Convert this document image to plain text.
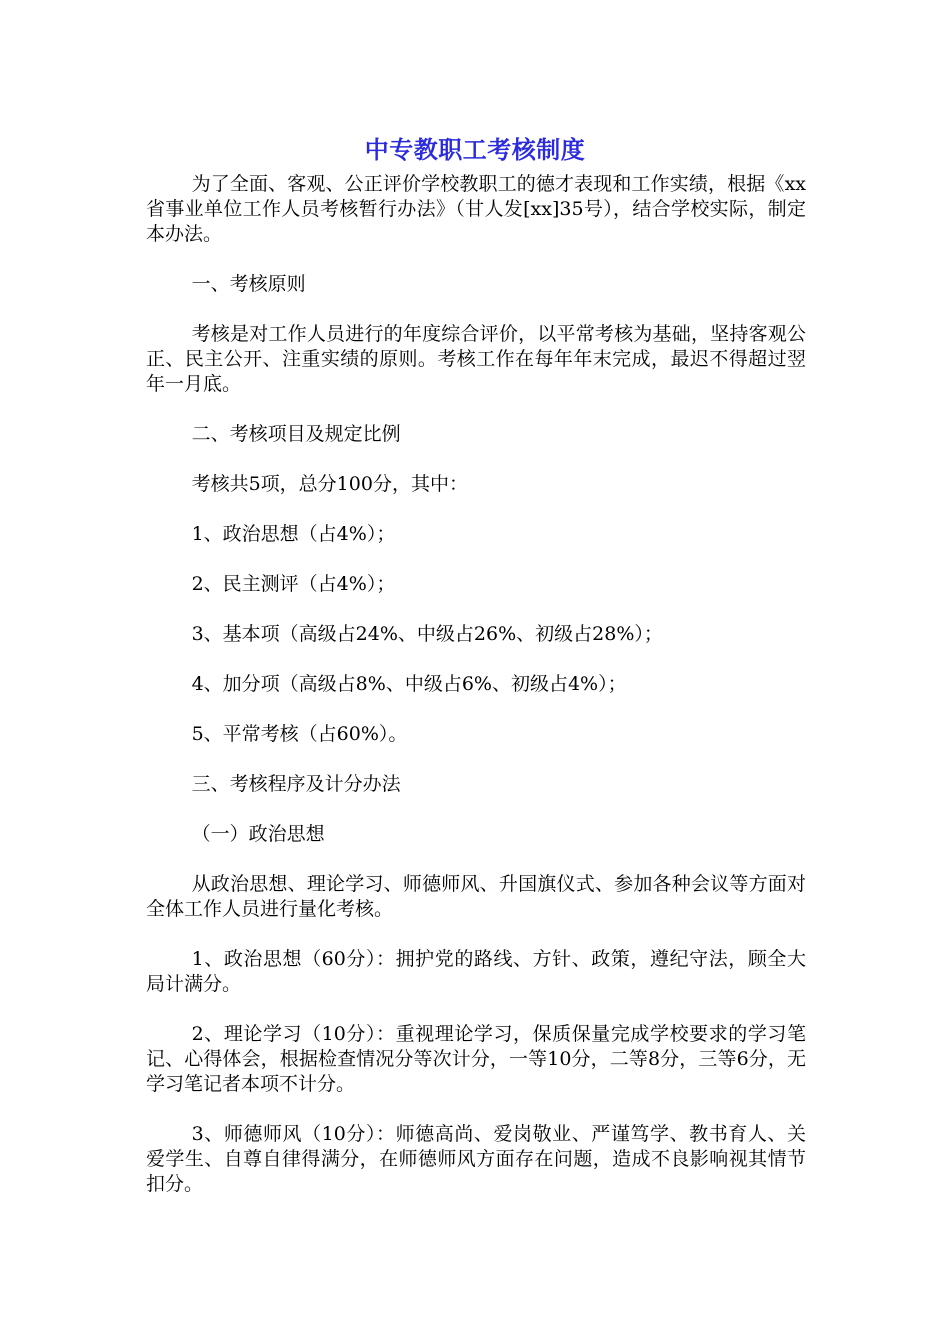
中专教职工考核制度

为了全面、客观、公正评价学校教职工的德才表现和工作实绩，根据《xx省事业单位工作人员考核暂行办法》（甘人发[xx]35号），结合学校实际，制定本办法。

一、考核原则

考核是对工作人员进行的年度综合评价，以平常考核为基础，坚持客观公正、民主公开、注重实绩的原则。考核工作在每年年末完成，最迟不得超过翌年一月底。

二、考核项目及规定比例

考核共5项，总分100分，其中：

1、政治思想（占4%）；

2、民主测评（占4%）；

3、基本项（高级占24%、中级占26%、初级占28%）；

4、加分项（高级占8%、中级占6%、初级占4%）；

5、平常考核（占60%）。

三、考核程序及计分办法

（一）政治思想

从政治思想、理论学习、师德师风、升国旗仪式、参加各种会议等方面对全体工作人员进行量化考核。

1、政治思想（60分）：拥护党的路线、方针、政策，遵纪守法，顾全大局计满分。

2、理论学习（10分）：重视理论学习，保质保量完成学校要求的学习笔记、心得体会，根据检查情况分等次计分，一等10分，二等8分，三等6分，无学习笔记者本项不计分。

3、师德师风（10分）：师德高尚、爱岗敬业、严谨笃学、教书育人、关爱学生、自尊自律得满分，在师德师风方面存在问题，造成不良影响视其情节扣分。
